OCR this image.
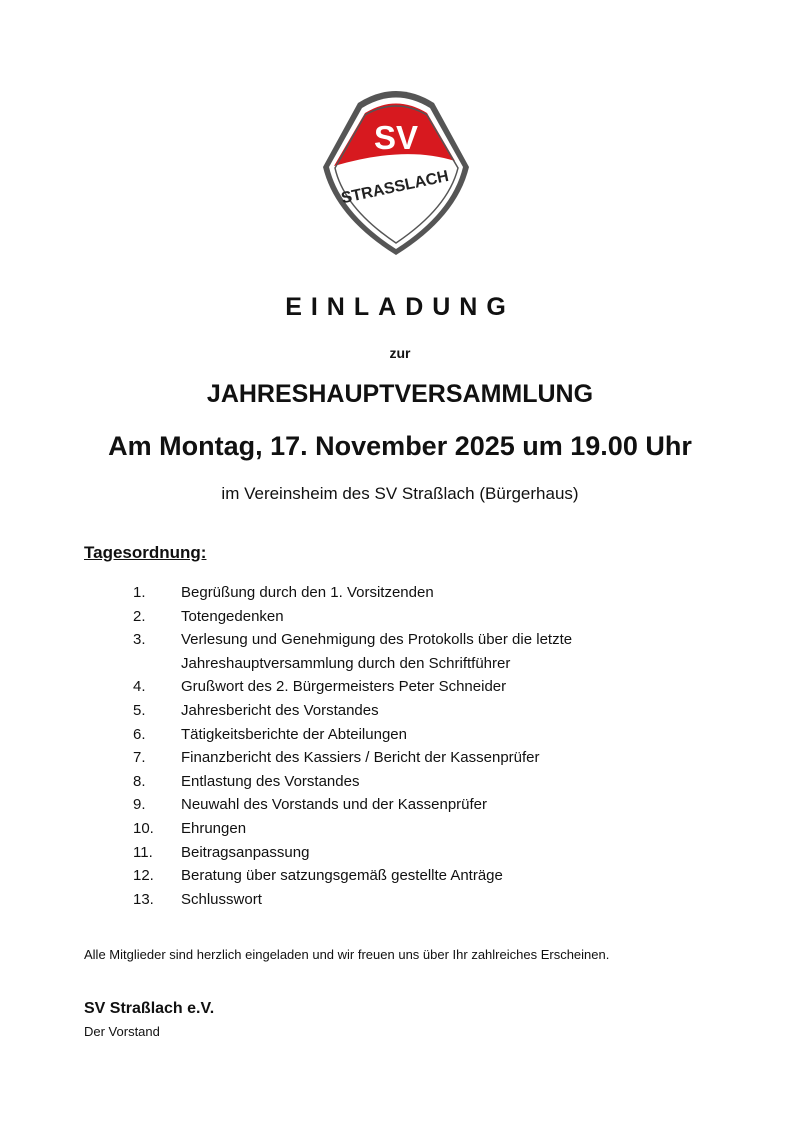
SV
STRASSLACH
EINLADUNG
zur
JAHRESHAUPTVERSAMMLUNG
Am Montag, 17. November 2025 um 19.00 Uhr
im Vereinsheim des SV Straßlach (Bürgerhaus)
Tagesordnung:
1. Begrüßung durch den 1. Vorsitzenden
2. Totengedenken
3. Verlesung und Genehmigung des Protokolls über die letzte Jahreshauptversammlung durch den Schriftführer
4. Grußwort des 2. Bürgermeisters Peter Schneider
5. Jahresbericht des Vorstandes
6. Tätigkeitsberichte der Abteilungen
7. Finanzbericht des Kassiers / Bericht der Kassenprüfer
8. Entlastung des Vorstandes
9. Neuwahl des Vorstands und der Kassenprüfer
10. Ehrungen
11. Beitragsanpassung
12. Beratung über satzungsgemäß gestellte Anträge
13. Schlusswort
Alle Mitglieder sind herzlich eingeladen und wir freuen uns über Ihr zahlreiches Erscheinen.
SV Straßlach e.V.
Der Vorstand
